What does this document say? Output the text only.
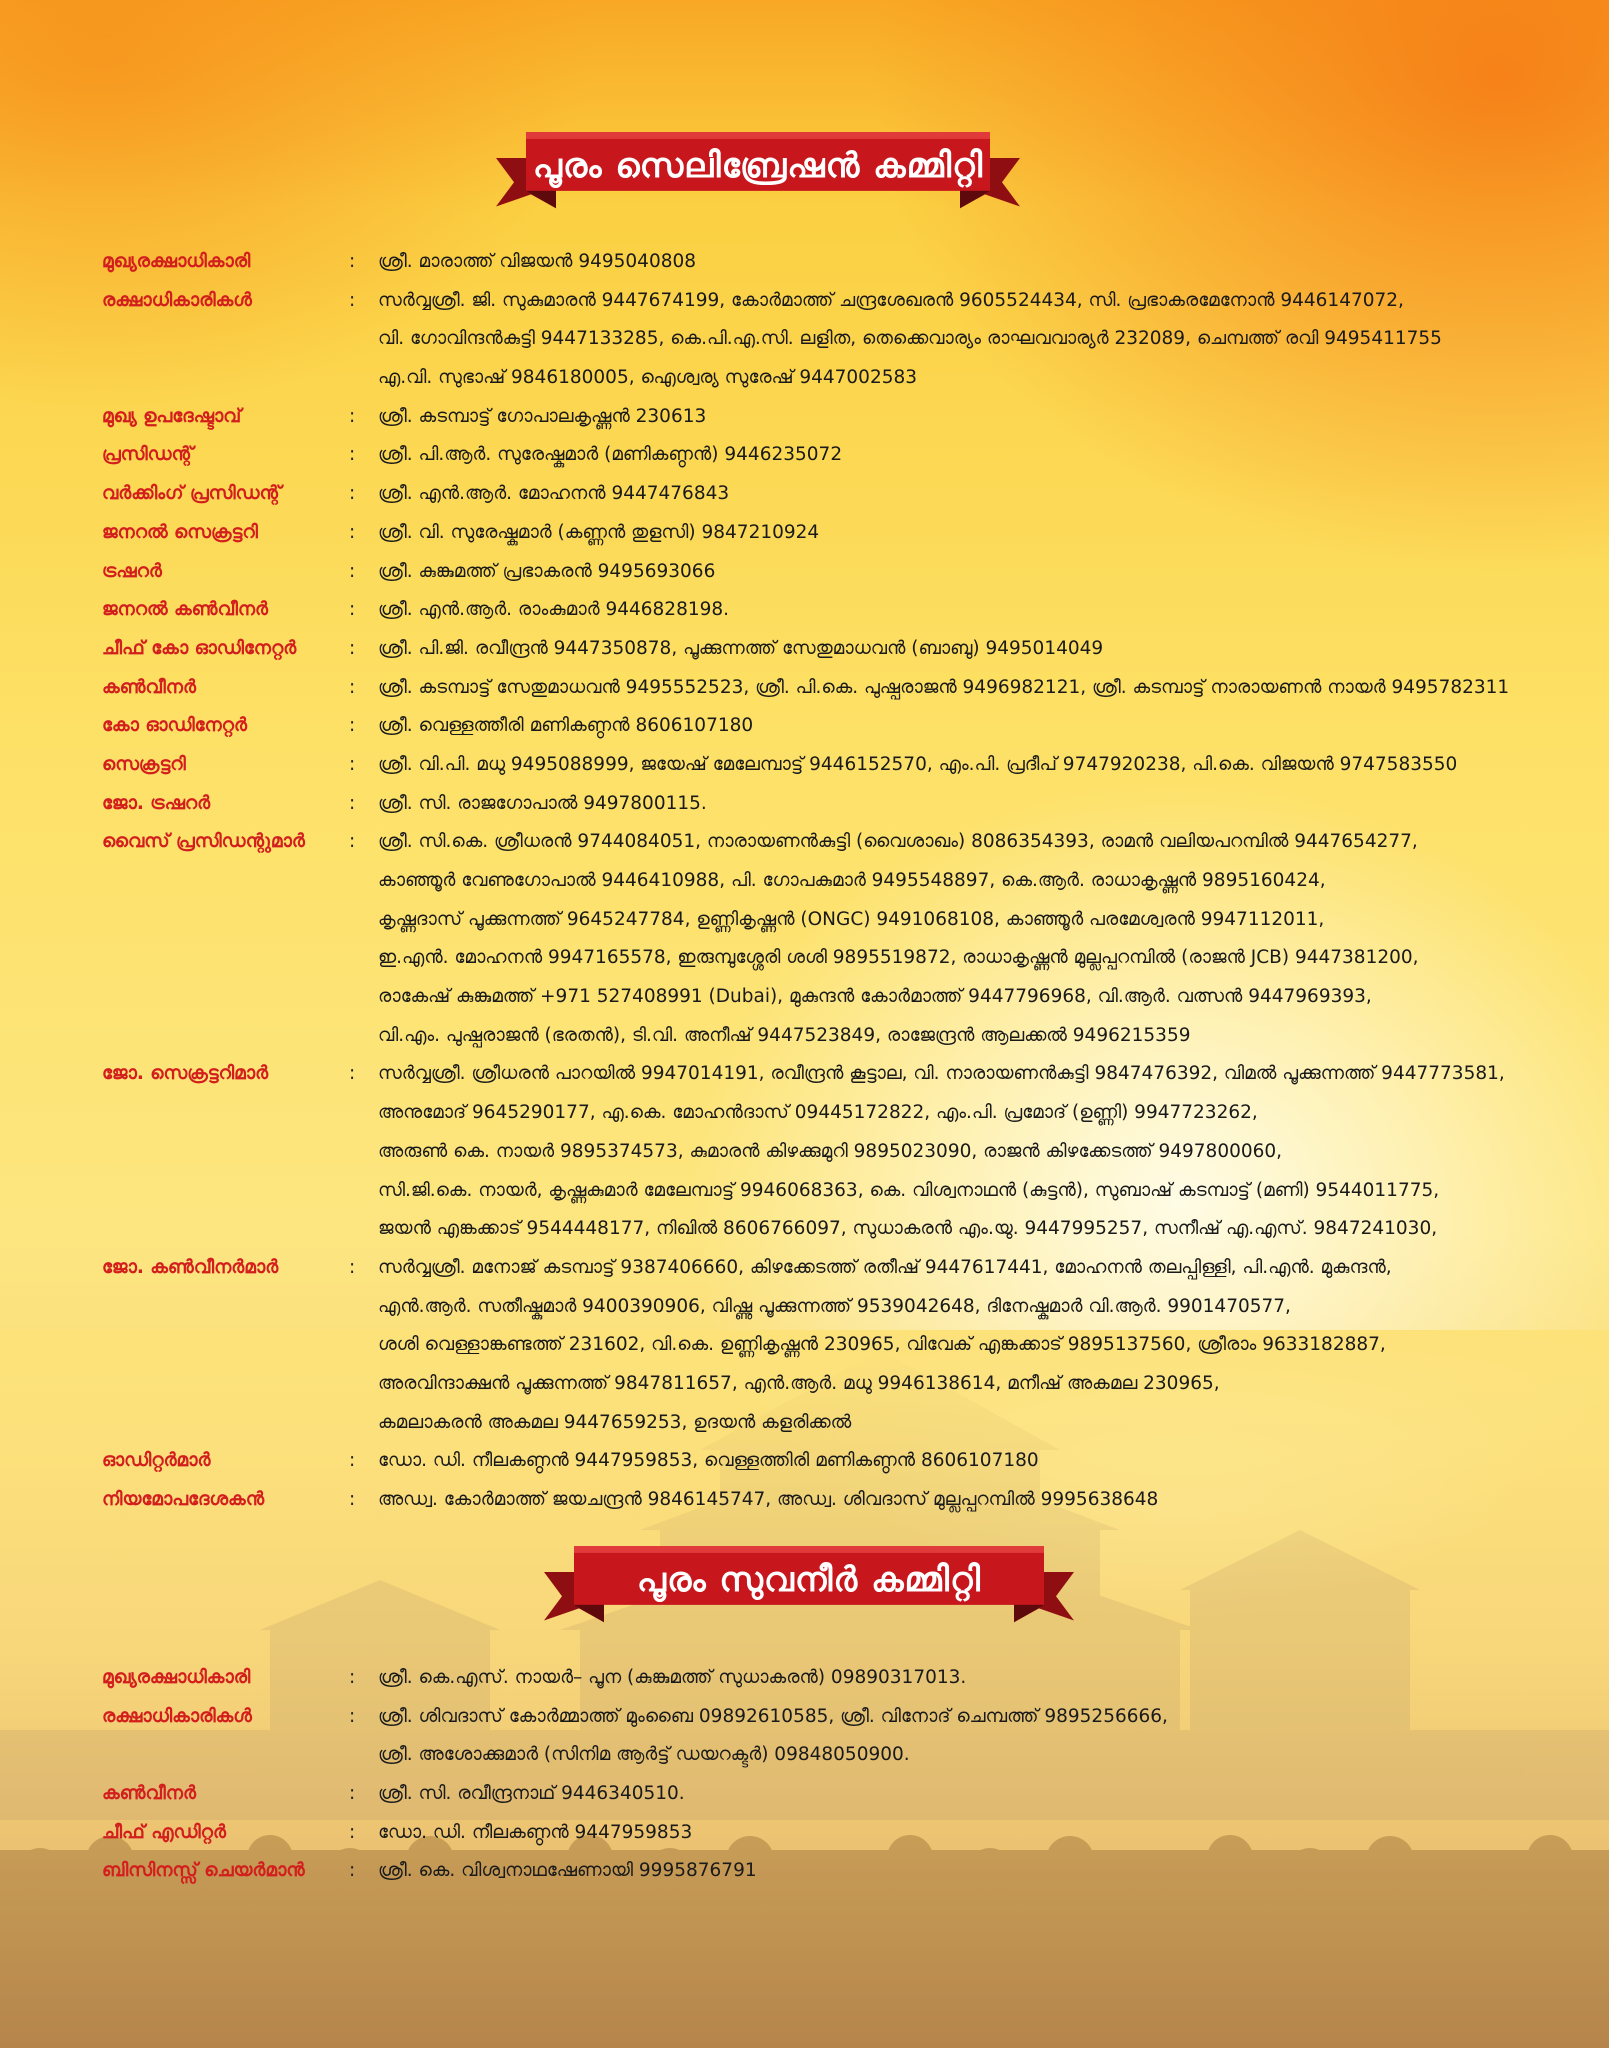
പൂരം സെലിബ്രേഷൻ കമ്മിറ്റി
മുഖ്യരക്ഷാധികാരി	: ശ്രീ. മാരാത്ത് വിജയൻ 9495040808
രക്ഷാധികാരികൾ	: സർവ്വശ്രീ. ജി. സുകുമാരൻ 9447674199, കോർമാത്ത് ചന്ദ്രശേഖരൻ 9605524434, സി. പ്രഭാകരമേനോൻ 9446147072,
വി. ഗോവിന്ദൻകുട്ടി 9447133285, കെ.പി.എ.സി. ലളിത, തെക്കെവാര്യം രാഘവവാര്യർ 232089, ചെമ്പത്ത് രവി 9495411755
എ.വി. സുഭാഷ് 9846180005, ഐശ്വര്യ സുരേഷ് 9447002583
മുഖ്യ ഉപദേഷ്ടാവ്	: ശ്രീ. കടമ്പാട്ട് ഗോപാലകൃഷ്ണൻ 230613
പ്രസിഡന്റ്	: ശ്രീ. പി.ആർ. സുരേഷ്കുമാർ (മണികണ്ഠൻ) 9446235072
വർക്കിംഗ് പ്രസിഡന്റ്	: ശ്രീ. എൻ.ആർ. മോഹനൻ 9447476843
ജനറൽ സെക്രട്ടറി	: ശ്രീ. വി. സുരേഷ്കുമാർ (കണ്ണൻ തുളസി) 9847210924
ട്രഷറർ	: ശ്രീ. കുങ്കുമത്ത് പ്രഭാകരൻ 9495693066
ജനറൽ കൺവീനർ	: ശ്രീ. എൻ.ആർ. രാംകുമാർ 9446828198.
ചീഫ് കോ ഓഡിനേറ്റർ	: ശ്രീ. പി.ജി. രവീന്ദ്രൻ 9447350878, പൂക്കുന്നത്ത് സേതുമാധവൻ (ബാബു) 9495014049
കൺവീനർ	: ശ്രീ. കടമ്പാട്ട് സേതുമാധവൻ 9495552523, ശ്രീ. പി.കെ. പുഷ്പരാജൻ 9496982121, ശ്രീ. കടമ്പാട്ട് നാരായണൻ നായർ 9495782311
കോ ഓഡിനേറ്റർ	: ശ്രീ. വെള്ളത്തീരി മണികണ്ഠൻ 8606107180
സെക്രട്ടറി	: ശ്രീ. വി.പി. മധു 9495088999, ജയേഷ് മേലേമ്പാട്ട് 9446152570, എം.പി. പ്രദീപ് 9747920238, പി.കെ. വിജയൻ 9747583550
ജോ. ട്രഷറർ	: ശ്രീ. സി. രാജഗോപാൽ 9497800115.
വൈസ് പ്രസിഡന്റുമാർ	: ശ്രീ. സി.കെ. ശ്രീധരൻ 9744084051, നാരായണൻകുട്ടി (വൈശാഖം) 8086354393, രാമൻ വലിയപറമ്പിൽ 9447654277,
കാഞ്ഞൂർ വേണുഗോപാൽ 9446410988, പി. ഗോപകുമാർ 9495548897, കെ.ആർ. രാധാകൃഷ്ണൻ 9895160424,
കൃഷ്ണദാസ് പൂക്കുന്നത്ത് 9645247784, ഉണ്ണികൃഷ്ണൻ (ONGC) 9491068108, കാഞ്ഞൂർ പരമേശ്വരൻ 9947112011,
ഇ.എൻ. മോഹനൻ 9947165578, ഇരുമ്പുശ്ശേരി ശശി 9895519872, രാധാകൃഷ്ണൻ മുല്ലപ്പറമ്പിൽ (രാജൻ JCB) 9447381200,
രാകേഷ് കുങ്കുമത്ത് +971 527408991 (Dubai), മുകുന്ദൻ കോർമാത്ത് 9447796968, വി.ആർ. വത്സൻ 9447969393,
വി.എം. പുഷ്പരാജൻ (ഭരതൻ), ടി.വി. അനീഷ് 9447523849, രാജേന്ദ്രൻ ആലക്കൽ 9496215359
ജോ. സെക്രട്ടറിമാർ	: സർവ്വശ്രീ. ശ്രീധരൻ പാറയിൽ 9947014191, രവീന്ദ്രൻ കൂട്ടാല, വി. നാരായണൻകുട്ടി 9847476392, വിമൽ പൂക്കുന്നത്ത് 9447773581,
അനുമോദ് 9645290177, എ.കെ. മോഹൻദാസ് 09445172822, എം.പി. പ്രമോദ് (ഉണ്ണി) 9947723262,
അരുൺ കെ. നായർ 9895374573, കുമാരൻ കിഴക്കുമുറി 9895023090, രാജൻ കിഴക്കേടത്ത് 9497800060,
സി.ജി.കെ. നായർ, കൃഷ്ണകുമാർ മേലേമ്പാട്ട് 9946068363, കെ. വിശ്വനാഥൻ (കുട്ടൻ), സുബാഷ് കടമ്പാട്ട് (മണി) 9544011775,
ജയൻ എങ്കക്കാട് 9544448177, നിഖിൽ 8606766097, സുധാകരൻ എം.യു. 9447995257, സനീഷ് എ.എസ്. 9847241030,
ജോ. കൺവീനർമാർ	: സർവ്വശ്രീ. മനോജ് കടമ്പാട്ട് 9387406660, കിഴക്കേടത്ത് രതീഷ് 9447617441, മോഹനൻ തലപ്പിള്ളി, പി.എൻ. മുകുന്ദൻ,
എൻ.ആർ. സതീഷ്കുമാർ 9400390906, വിഷ്ണു പൂക്കുന്നത്ത് 9539042648, ദിനേഷ്കുമാർ വി.ആർ. 9901470577,
ശശി വെള്ളാങ്കണ്ടത്ത് 231602, വി.കെ. ഉണ്ണികൃഷ്ണൻ 230965, വിവേക് എങ്കക്കാട് 9895137560, ശ്രീരാം 9633182887,
അരവിന്ദാക്ഷൻ പൂക്കുന്നത്ത് 9847811657, എൻ.ആർ. മധു 9946138614, മനീഷ് അകമല 230965,
കമലാകരൻ അകമല 9447659253, ഉദയൻ കളരിക്കൽ
ഓഡിറ്റർമാർ	: ഡോ. ഡി. നീലകണ്ഠൻ 9447959853, വെള്ളത്തിരി മണികണ്ഠൻ 8606107180
നിയമോപദേശകൻ	: അഡ്വ. കോർമാത്ത് ജയചന്ദ്രൻ 9846145747, അഡ്വ. ശിവദാസ് മുല്ലപ്പറമ്പിൽ 9995638648
പൂരം സുവനീർ കമ്മിറ്റി
മുഖ്യരക്ഷാധികാരി	: ശ്രീ. കെ.എസ്. നായർ– പൂന (കുങ്കുമത്ത് സുധാകരൻ) 09890317013.
രക്ഷാധികാരികൾ	: ശ്രീ. ശിവദാസ് കോർമ്മാത്ത് മുംബൈ 09892610585, ശ്രീ. വിനോദ് ചെമ്പത്ത് 9895256666,
ശ്രീ. അശോക്കുമാർ (സിനിമ ആർട്ട് ഡയറക്ടർ) 09848050900.
കൺവീനർ	: ശ്രീ. സി. രവീന്ദ്രനാഥ് 9446340510.
ചീഫ് എഡിറ്റർ	: ഡോ. ഡി. നീലകണ്ഠൻ 9447959853
ബിസിനസ്സ് ചെയർമാൻ	: ശ്രീ. കെ. വിശ്വനാഥഷേണായി 9995876791
